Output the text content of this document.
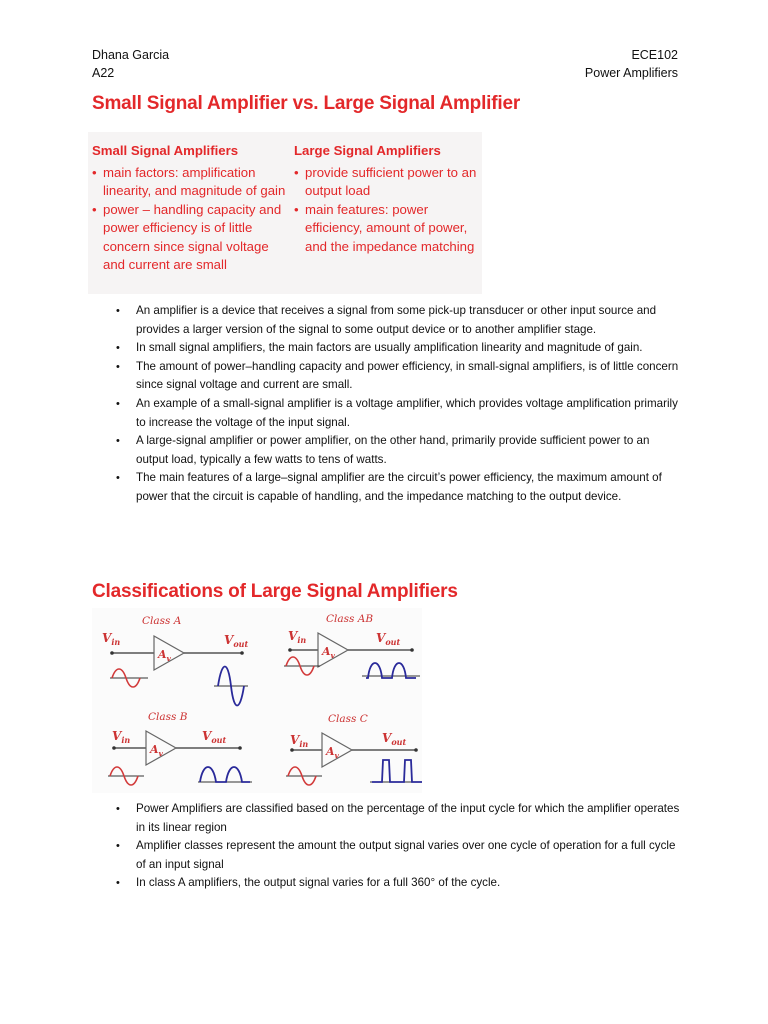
Dhana Garcia
A22
ECE102
Power Amplifiers
Small Signal Amplifier vs. Large Signal Amplifier
Small Signal Amplifiers
• main factors: amplification linearity, and magnitude of gain
• power – handling capacity and power efficiency is of little concern since signal voltage and current are small
Large Signal Amplifiers
• provide sufficient power to an output load
• main features: power efficiency, amount of power, and the impedance matching
• An amplifier is a device that receives a signal from some pick-up transducer or other input source and provides a larger version of the signal to some output device or to another amplifier stage.
• In small signal amplifiers, the main factors are usually amplification linearity and magnitude of gain.
• The amount of power–handling capacity and power efficiency, in small-signal amplifiers, is of little concern since signal voltage and current are small.
• An example of a small-signal amplifier is a voltage amplifier, which provides voltage amplification primarily to increase the voltage of the input signal.
• A large-signal amplifier or power amplifier, on the other hand, primarily provide sufficient power to an output load, typically a few watts to tens of watts.
• The main features of a large–signal amplifier are the circuit’s power efficiency, the maximum amount of power that the circuit is capable of handling, and the impedance matching to the output device.
Classifications of Large Signal Amplifiers
Class A
$V_{in}$	$V_{out}$
$A_v$
Class AB
$V_{in}$	$V_{out}$
$A_v$
Class B
$V_{in}$	$V_{out}$
$A_v$
Class C
$V_{in}$	$V_{out}$
$A_v$
• Power Amplifiers are classified based on the percentage of the input cycle for which the amplifier operates in its linear region
• Amplifier classes represent the amount the output signal varies over one cycle of operation for a full cycle of an input signal
• In class A amplifiers, the output signal varies for a full 360° of the cycle.
